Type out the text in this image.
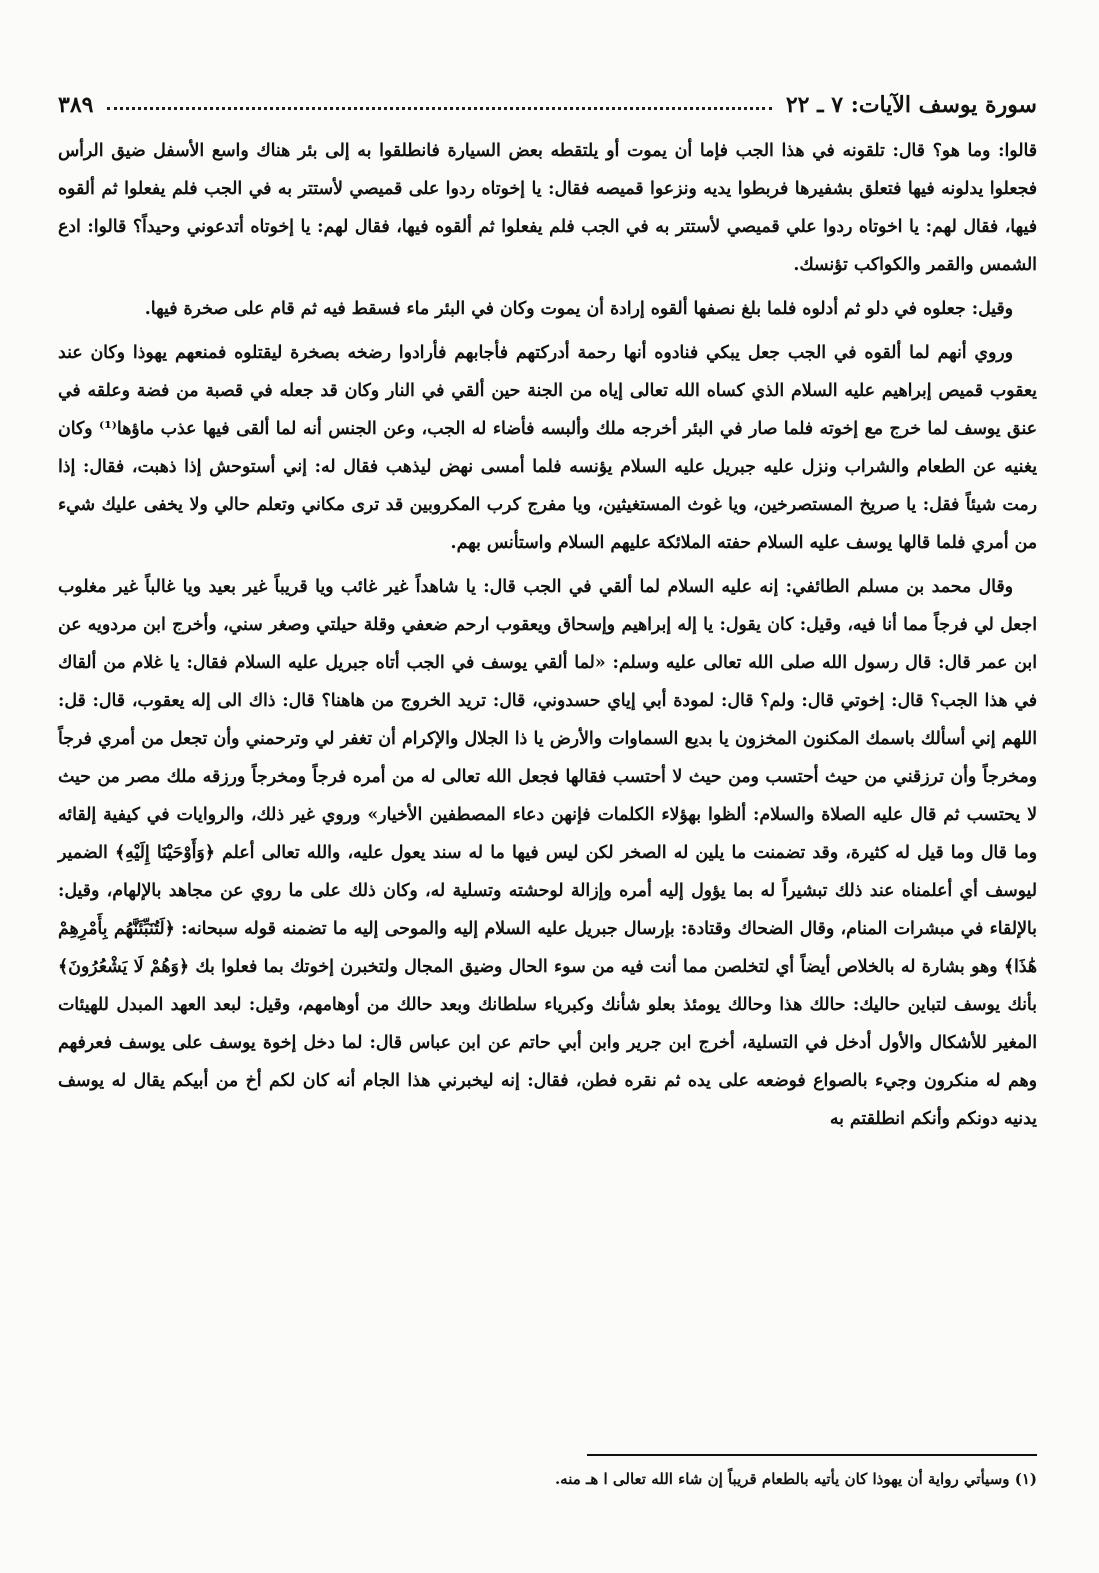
سورة يوسف الآيات: ٧ ـ ٢٢
٣٨٩

قالوا: وما هو؟ قال: تلقونه في هذا الجب فإما أن يموت أو يلتقطه بعض السيارة فانطلقوا به إلى بئر هناك واسع الأسفل ضيق الرأس فجعلوا يدلونه فيها فتعلق بشفيرها فربطوا يديه ونزعوا قميصه فقال: يا إخوتاه ردوا على قميصي لأستتر به في الجب فلم يفعلوا ثم ألقوه فيها، فقال لهم: يا اخوتاه ردوا علي قميصي لأستتر به في الجب فلم يفعلوا ثم ألقوه فيها، فقال لهم: يا إخوتاه أتدعوني وحيداً؟ قالوا: ادع الشمس والقمر والكواكب تؤنسك.

وقيل: جعلوه في دلو ثم أدلوه فلما بلغ نصفها ألقوه إرادة أن يموت وكان في البئر ماء فسقط فيه ثم قام على صخرة فيها.

وروي أنهم لما ألقوه في الجب جعل يبكي فنادوه أنها رحمة أدركتهم فأجابهم فأرادوا رضخه بصخرة ليقتلوه فمنعهم يهوذا وكان عند يعقوب قميص إبراهيم عليه السلام الذي كساه الله تعالى إياه من الجنة حين ألقي في النار وكان قد جعله في قصبة من فضة وعلقه في عنق يوسف لما خرج مع إخوته فلما صار في البئر أخرجه ملك وألبسه فأضاء له الجب، وعن الجنس أنه لما ألقى فيها عذب ماؤها⁽¹⁾ وكان يغنيه عن الطعام والشراب ونزل عليه جبريل عليه السلام يؤنسه فلما أمسى نهض ليذهب فقال له: إني أستوحش إذا ذهبت، فقال: إذا رمت شيئاً فقل: يا صريخ المستصرخين، ويا غوث المستغيثين، ويا مفرج كرب المكروبين قد ترى مكاني وتعلم حالي ولا يخفى عليك شيء من أمري فلما قالها يوسف عليه السلام حفته الملائكة عليهم السلام واستأنس بهم.

وقال محمد بن مسلم الطائفي: إنه عليه السلام لما ألقي في الجب قال: يا شاهداً غير غائب ويا قريباً غير بعيد ويا غالباً غير مغلوب اجعل لي فرجاً مما أنا فيه، وقيل: كان يقول: يا إله إبراهيم وإسحاق ويعقوب ارحم ضعفي وقلة حيلتي وصغر سني، وأخرج ابن مردويه عن ابن عمر قال: قال رسول الله صلى الله تعالى عليه وسلم: «لما ألقي يوسف في الجب أتاه جبريل عليه السلام فقال: يا غلام من ألقاك في هذا الجب؟ قال: إخوتي قال: ولم؟ قال: لمودة أبي إياي حسدوني، قال: تريد الخروج من هاهنا؟ قال: ذاك الى إله يعقوب، قال: قل: اللهم إني أسألك باسمك المكنون المخزون يا بديع السماوات والأرض يا ذا الجلال والإكرام أن تغفر لي وترحمني وأن تجعل من أمري فرجاً ومخرجاً وأن ترزقني من حيث أحتسب ومن حيث لا أحتسب فقالها فجعل الله تعالى له من أمره فرجاً ومخرجاً ورزقه ملك مصر من حيث لا يحتسب ثم قال عليه الصلاة والسلام: ألظوا بهؤلاء الكلمات فإنهن دعاء المصطفين الأخيار» وروي غير ذلك، والروايات في كيفية إلقائه وما قال وما قيل له كثيرة، وقد تضمنت ما يلين له الصخر لكن ليس فيها ما له سند يعول عليه، والله تعالى أعلم ﴿وَأَوْحَيْنَا إِلَيْهِ﴾ الضمير ليوسف أي أعلمناه عند ذلك تبشيراً له بما يؤول إليه أمره وإزالة لوحشته وتسلية له، وكان ذلك على ما روي عن مجاهد بالإلهام، وقيل: بالإلقاء في مبشرات المنام، وقال الضحاك وقتادة: بإرسال جبريل عليه السلام إليه والموحى إليه ما تضمنه قوله سبحانه: ﴿لَتُنَبِّئَنَّهُم بِأَمْرِهِمْ هَٰذَا﴾ وهو بشارة له بالخلاص أيضاً أي لتخلصن مما أنت فيه من سوء الحال وضيق المجال ولتخبرن إخوتك بما فعلوا بك ﴿وَهُمْ لَا يَشْعُرُونَ﴾ بأنك يوسف لتباين حاليك: حالك هذا وحالك يومئذ بعلو شأنك وكبرياء سلطانك وبعد حالك من أوهامهم، وقيل: لبعد العهد المبدل للهيئات المغير للأشكال والأول أدخل في التسلية، أخرج ابن جرير وابن أبي حاتم عن ابن عباس قال: لما دخل إخوة يوسف على يوسف فعرفهم وهم له منكرون وجيء بالصواع فوضعه على يده ثم نقره فطن، فقال: إنه ليخبرني هذا الجام أنه كان لكم أخ من أبيكم يقال له يوسف يدنيه دونكم وأنكم انطلقتم به

(١) وسيأتي رواية أن يهوذا كان يأتيه بالطعام قريباً إن شاء الله تعالى ا هـ منه.
